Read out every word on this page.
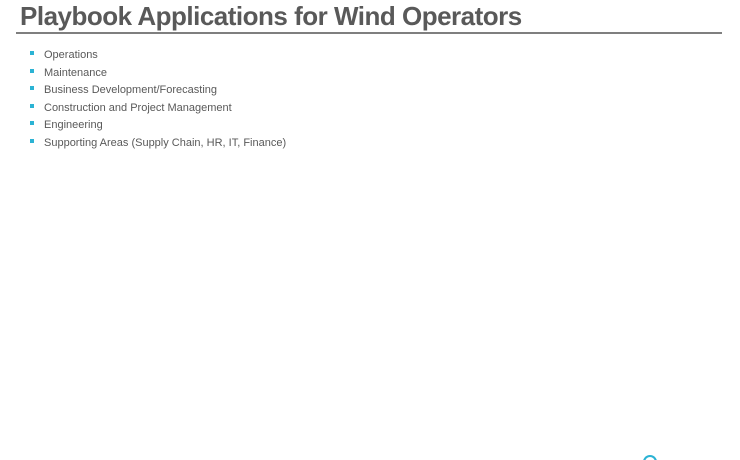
Playbook Applications for Wind Operators
Operations
Maintenance
Business Development/Forecasting
Construction and Project Management
Engineering
Supporting Areas (Supply Chain, HR, IT, Finance)
